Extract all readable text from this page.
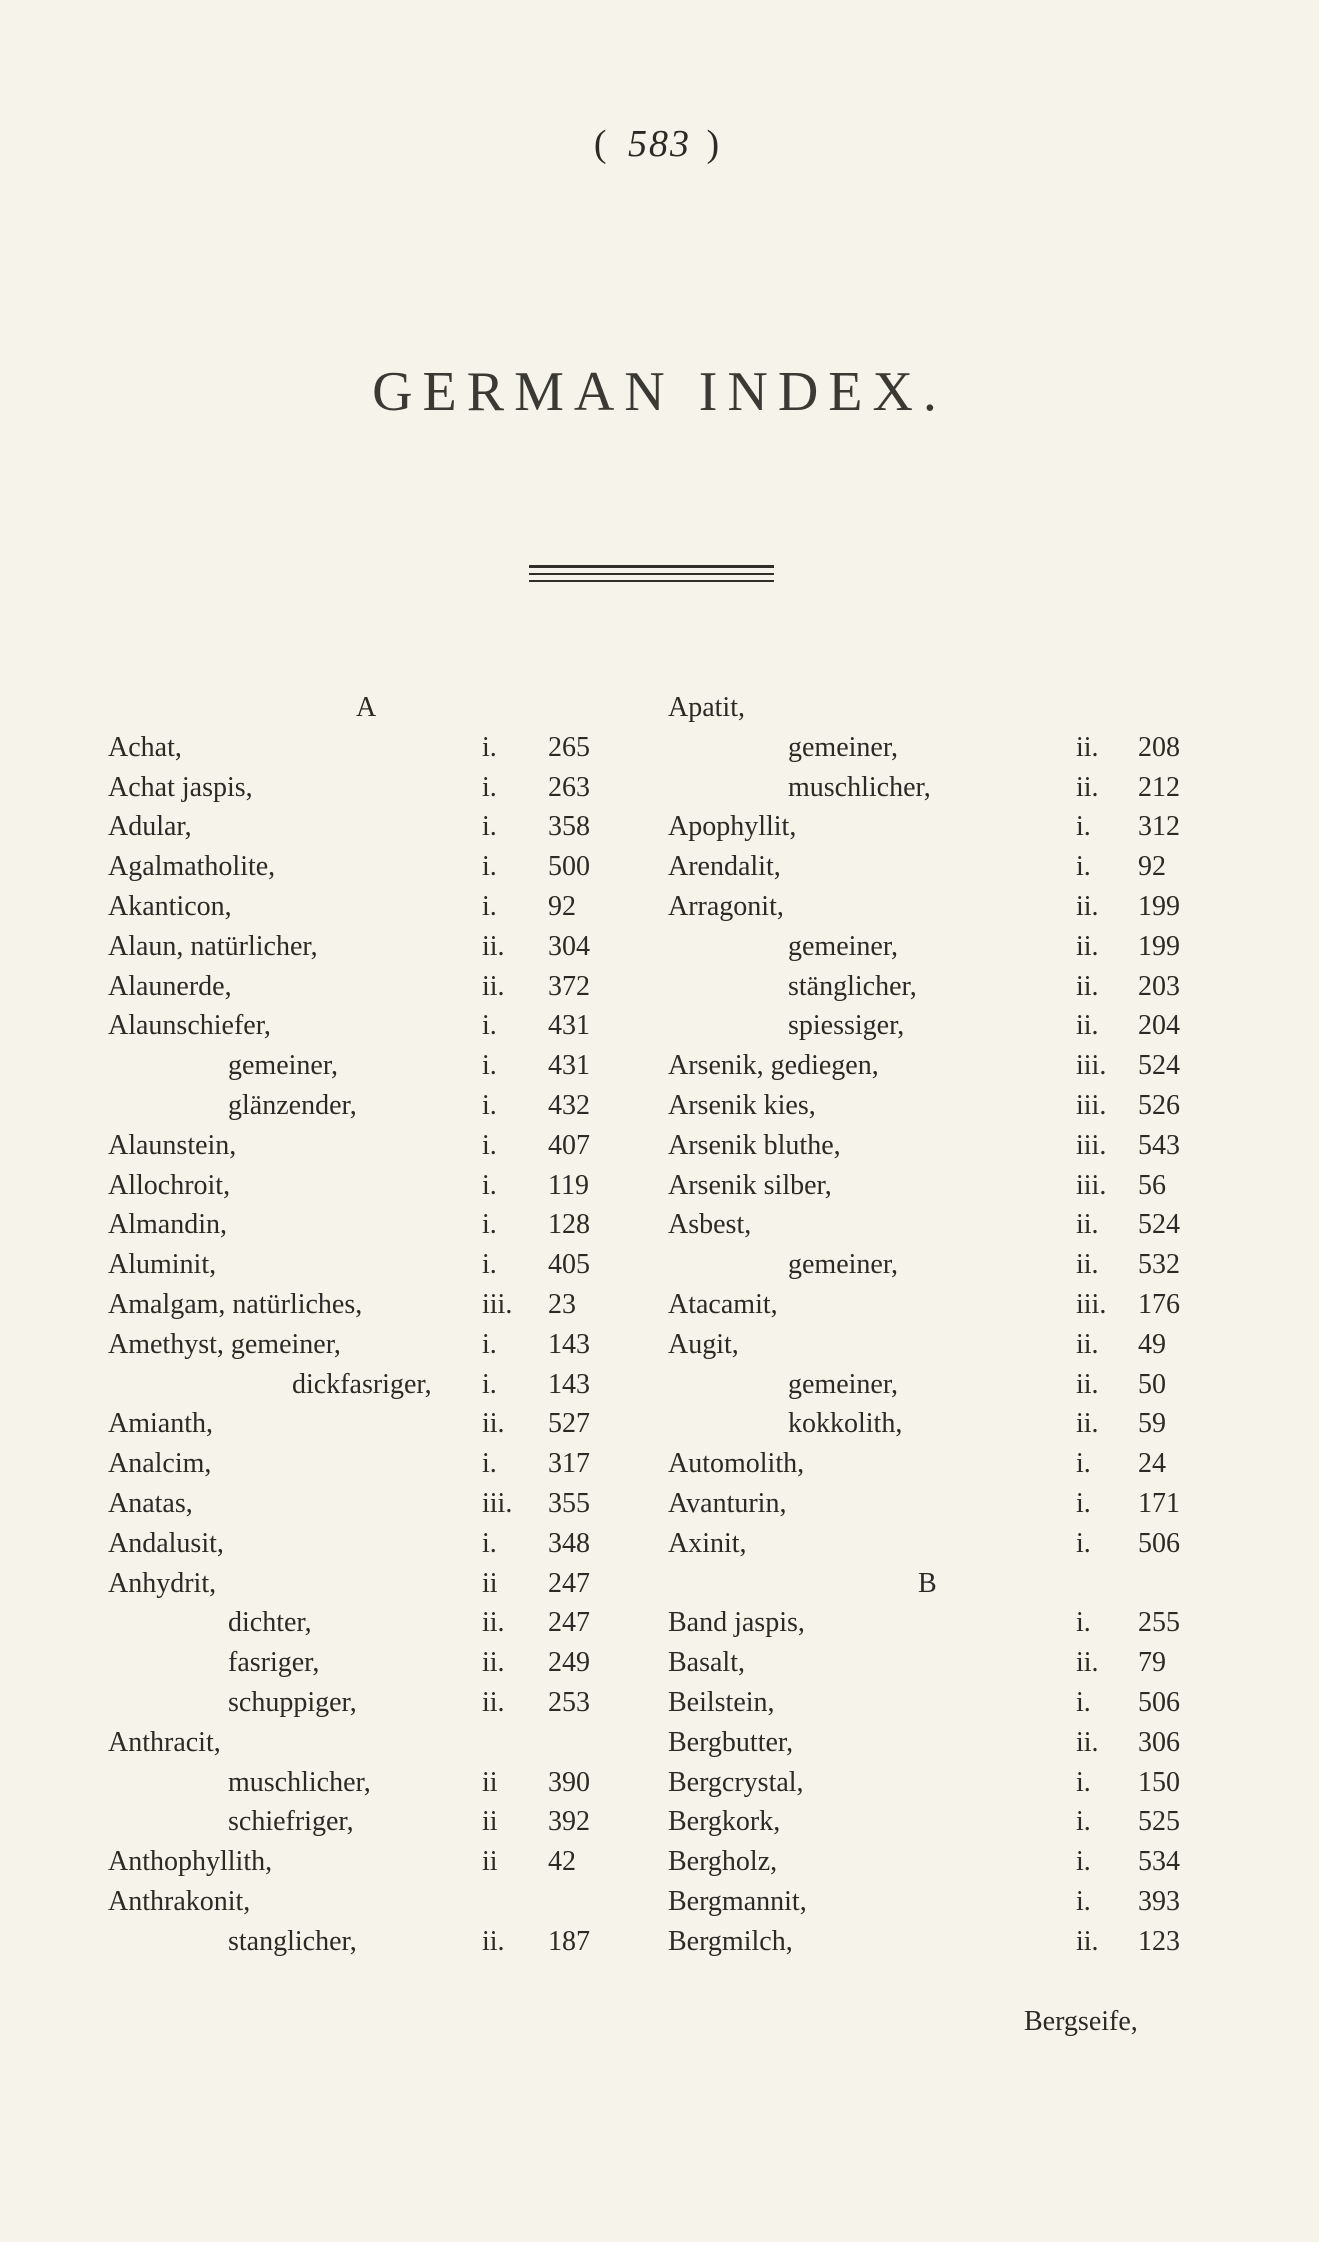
( 583 )
GERMAN INDEX.
A
Achat,	i. 265
Achat jaspis,	i. 263
Adular,	i. 358
Agalmatholite,	i. 500
Akanticon,	i. 92
Alaun, natürlicher,	ii. 304
Alaunerde,	ii. 372
Alaunschiefer,	i. 431
gemeiner,	i. 431
glänzender,	i. 432
Alaunstein,	i. 407
Allochroit,	i. 119
Almandin,	i. 128
Aluminit,	i. 405
Amalgam, natürliches,	iii. 23
Amethyst, gemeiner,	i. 143
dickfasriger, i. 143
Amianth,	ii. 527
Analcim,	i. 317
Anatas,	iii. 355
Andalusit,	i. 348
Anhydrit,	ii 247
dichter,	ii. 247
fasriger,	ii. 249
schuppiger,	ii. 253
Anthracit,
muschlicher,	ii 390
schiefriger,	ii 392
Anthophyllith,	ii 42
Anthrakonit,
stanglicher,	ii. 187
Apatit,
gemeiner,	ii. 208
muschlicher,	ii. 212
Apophyllit,	i. 312
Arendalit,	i. 92
Arragonit,	ii. 199
gemeiner,	ii. 199
stänglicher,	ii. 203
spiessiger,	ii. 204
Arsenik, gediegen,	iii. 524
Arsenik kies,	iii. 526
Arsenik bluthe,	iii. 543
Arsenik silber,	iii. 56
Asbest,	ii. 524
gemeiner,	ii. 532
Atacamit,	iii. 176
Augit,	ii. 49
gemeiner,	ii. 50
kokkolith,	ii. 59
Automolith,	i. 24
Avanturin,	i. 171
Axinit,	i. 506
B
Band jaspis,	i. 255
Basalt,	ii. 79
Beilstein,	i. 506
Bergbutter,	ii. 306
Bergcrystal,	i. 150
Bergkork,	i. 525
Bergholz,	i. 534
Bergmannit,	i. 393
Bergmilch,	ii. 123
Bergseife,
